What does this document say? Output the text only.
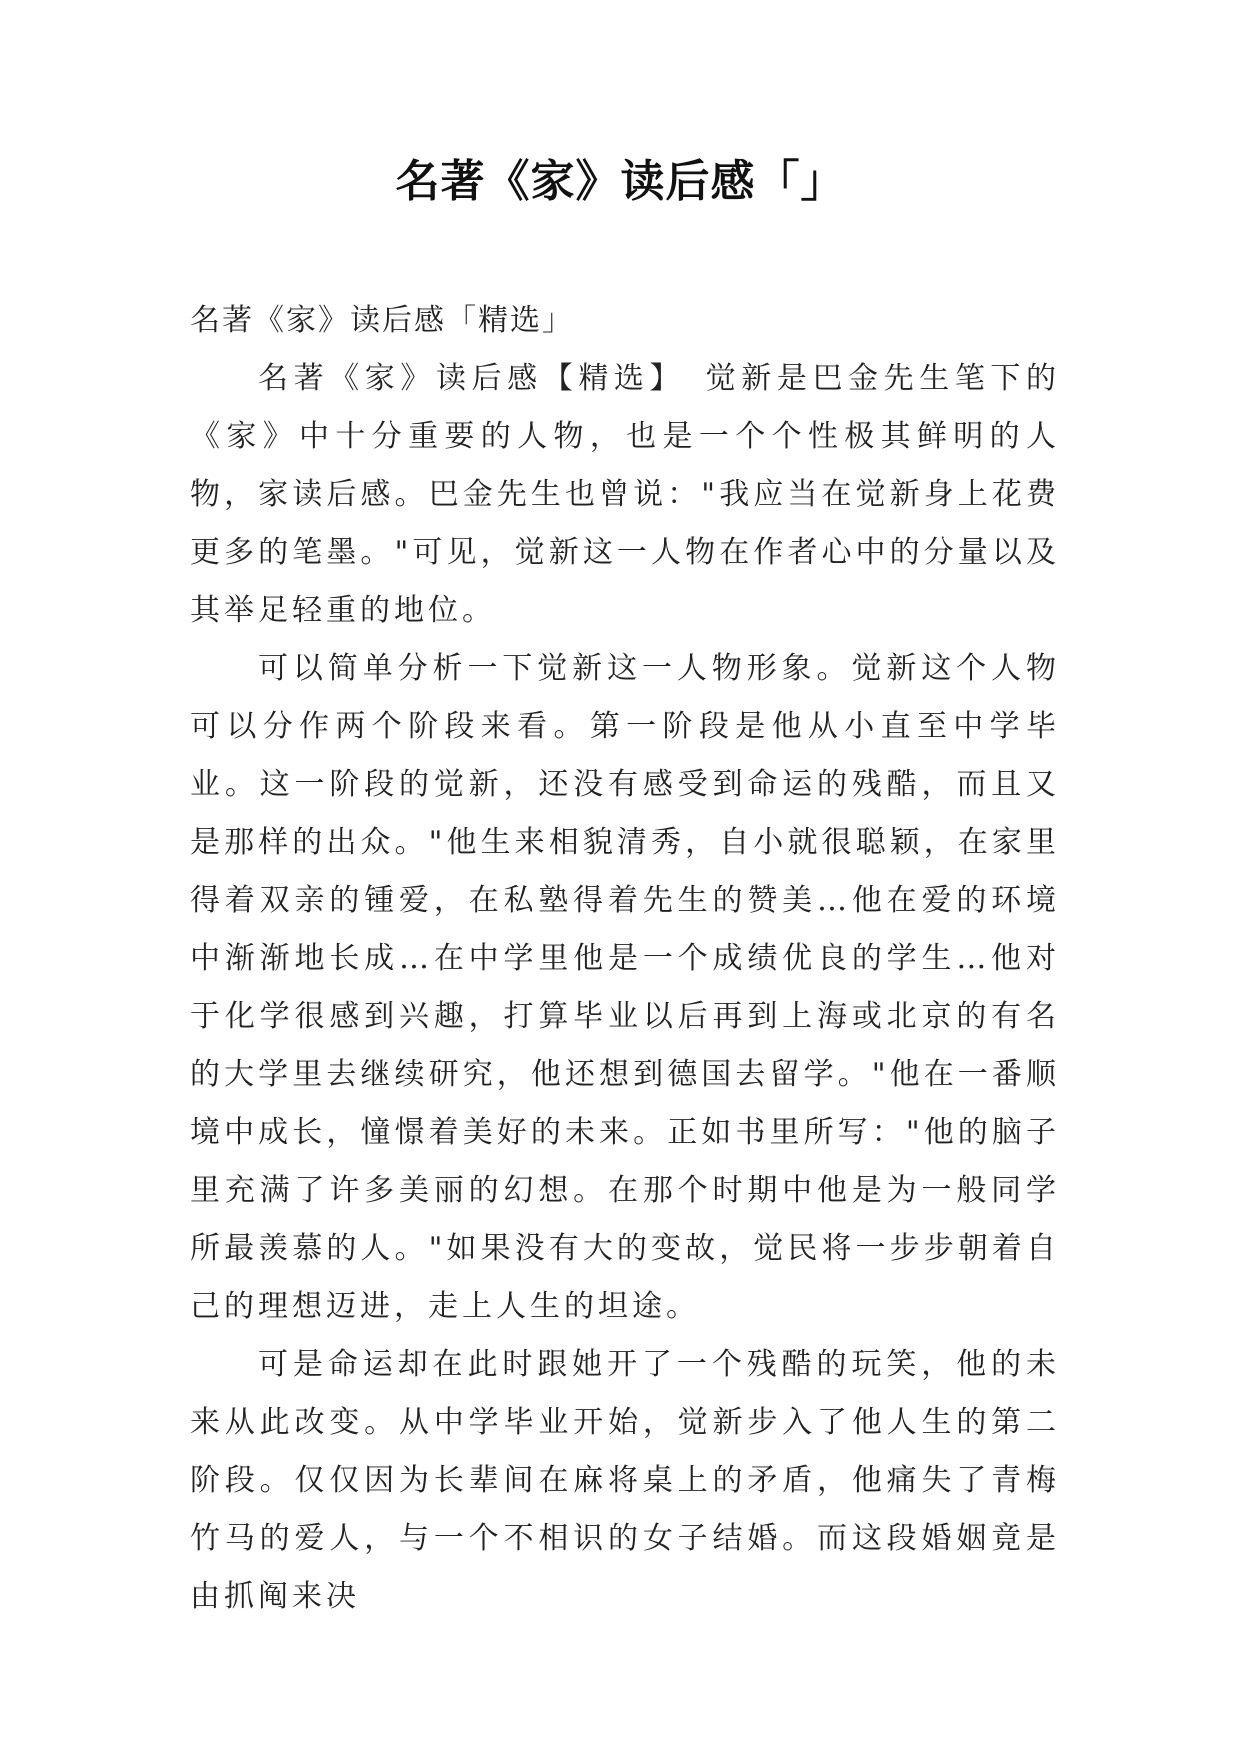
名著《家》读后感「」

名著《家》读后感「精选」

名著《家》读后感【精选】　觉新是巴金先生笔下的《家》中十分重要的人物，也是一个个性极其鲜明的人物，家读后感。巴金先生也曾说："我应当在觉新身上花费更多的笔墨。"可见，觉新这一人物在作者心中的分量以及其举足轻重的地位。

可以简单分析一下觉新这一人物形象。觉新这个人物可以分作两个阶段来看。第一阶段是他从小直至中学毕业。这一阶段的觉新，还没有感受到命运的残酷，而且又是那样的出众。"他生来相貌清秀，自小就很聪颖，在家里得着双亲的锺爱，在私塾得着先生的赞美…他在爱的环境中渐渐地长成…在中学里他是一个成绩优良的学生…他对于化学很感到兴趣，打算毕业以后再到上海或北京的有名的大学里去继续研究，他还想到德国去留学。"他在一番顺境中成长，憧憬着美好的未来。正如书里所写："他的脑子里充满了许多美丽的幻想。在那个时期中他是为一般同学所最羡慕的人。"如果没有大的变故，觉民将一步步朝着自己的理想迈进，走上人生的坦途。

可是命运却在此时跟她开了一个残酷的玩笑，他的未来从此改变。从中学毕业开始，觉新步入了他人生的第二阶段。仅仅因为长辈间在麻将桌上的矛盾，他痛失了青梅竹马的爱人，与一个不相识的女子结婚。而这段婚姻竟是由抓阄来决
